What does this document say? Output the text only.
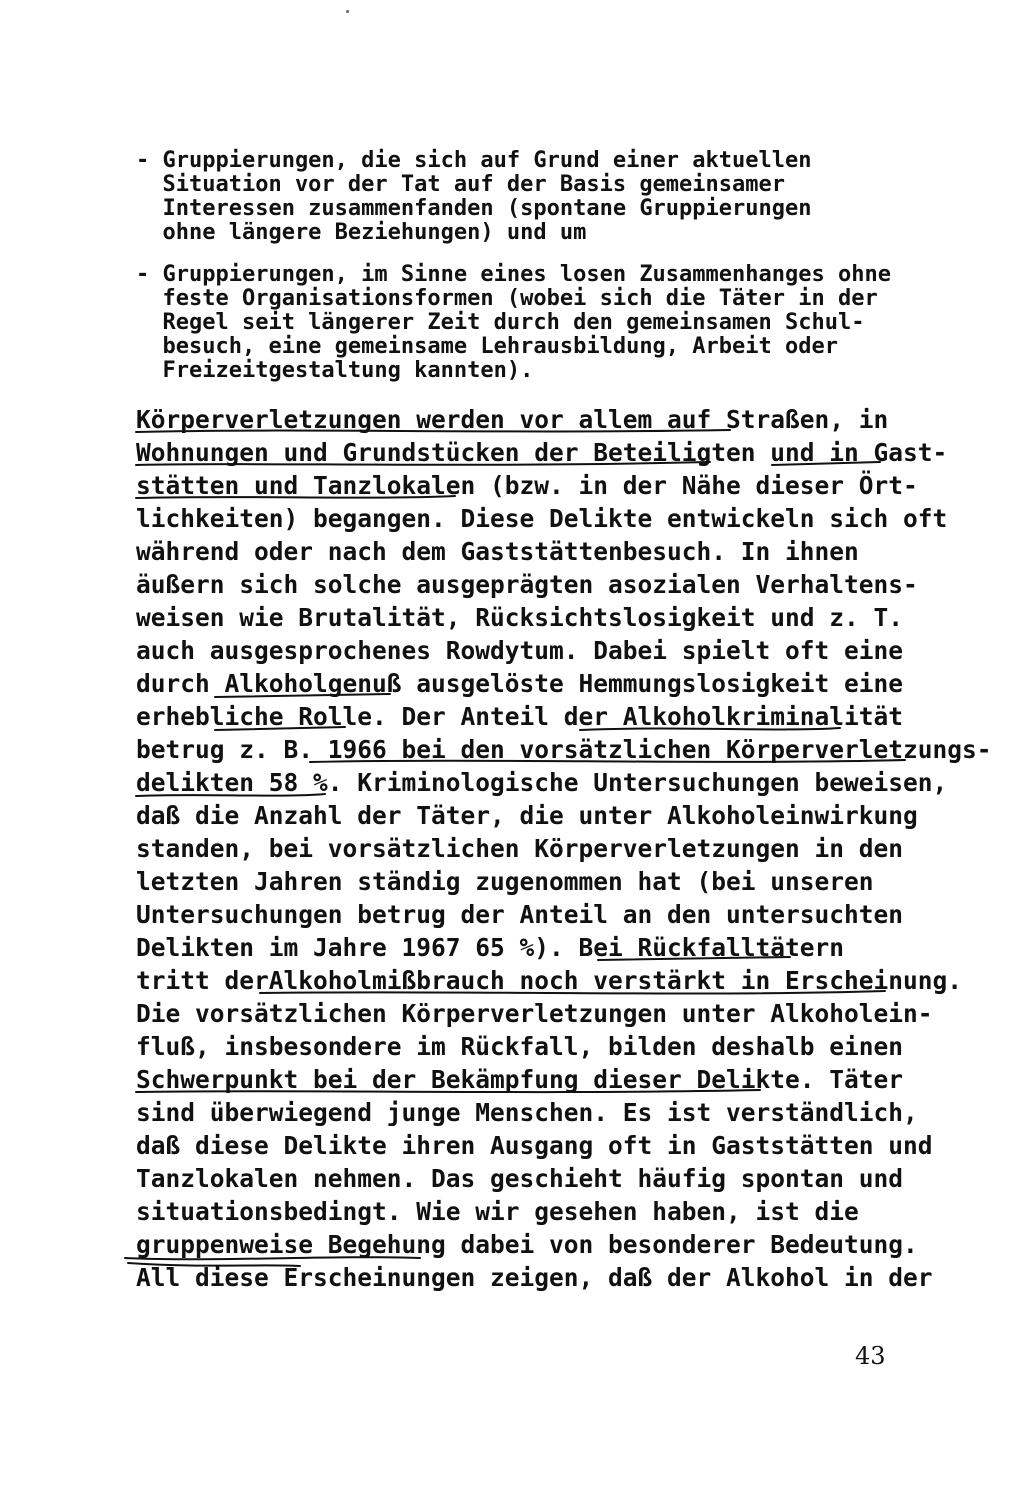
- Gruppierungen, die sich auf Grund einer aktuellen
Situation vor der Tat auf der Basis gemeinsamer
Interessen zusammenfanden (spontane Gruppierungen
ohne längere Beziehungen) und um
- Gruppierungen, im Sinne eines losen Zusammenhanges ohne
feste Organisationsformen (wobei sich die Täter in der
Regel seit längerer Zeit durch den gemeinsamen Schul-
besuch, eine gemeinsame Lehrausbildung, Arbeit oder
Freizeitgestaltung kannten).
Körperverletzungen werden vor allem auf Straßen, in
Wohnungen und Grundstücken der Beteiligten und in Gast-
stätten und Tanzlokalen (bzw. in der Nähe dieser Ört-
lichkeiten) begangen. Diese Delikte entwickeln sich oft
während oder nach dem Gaststättenbesuch. In ihnen
äußern sich solche ausgeprägten asozialen Verhaltens-
weisen wie Brutalität, Rücksichtslosigkeit und z. T.
auch ausgesprochenes Rowdytum. Dabei spielt oft eine
durch Alkoholgenuß ausgelöste Hemmungslosigkeit eine
erhebliche Rolle. Der Anteil der Alkoholkriminalität
betrug z. B. 1966 bei den vorsätzlichen Körperverletzungs-
delikten 58 %. Kriminologische Untersuchungen beweisen,
daß die Anzahl der Täter, die unter Alkoholeinwirkung
standen, bei vorsätzlichen Körperverletzungen in den
letzten Jahren ständig zugenommen hat (bei unseren
Untersuchungen betrug der Anteil an den untersuchten
Delikten im Jahre 1967 65 %). Bei Rückfalltätern
tritt derAlkoholmißbrauch noch verstärkt in Erscheinung.
Die vorsätzlichen Körperverletzungen unter Alkoholein-
fluß, insbesondere im Rückfall, bilden deshalb einen
Schwerpunkt bei der Bekämpfung dieser Delikte. Täter
sind überwiegend junge Menschen. Es ist verständlich,
daß diese Delikte ihren Ausgang oft in Gaststätten und
Tanzlokalen nehmen. Das geschieht häufig spontan und
situationsbedingt. Wie wir gesehen haben, ist die
gruppenweise Begehung dabei von besonderer Bedeutung.
All diese Erscheinungen zeigen, daß der Alkohol in der
43
